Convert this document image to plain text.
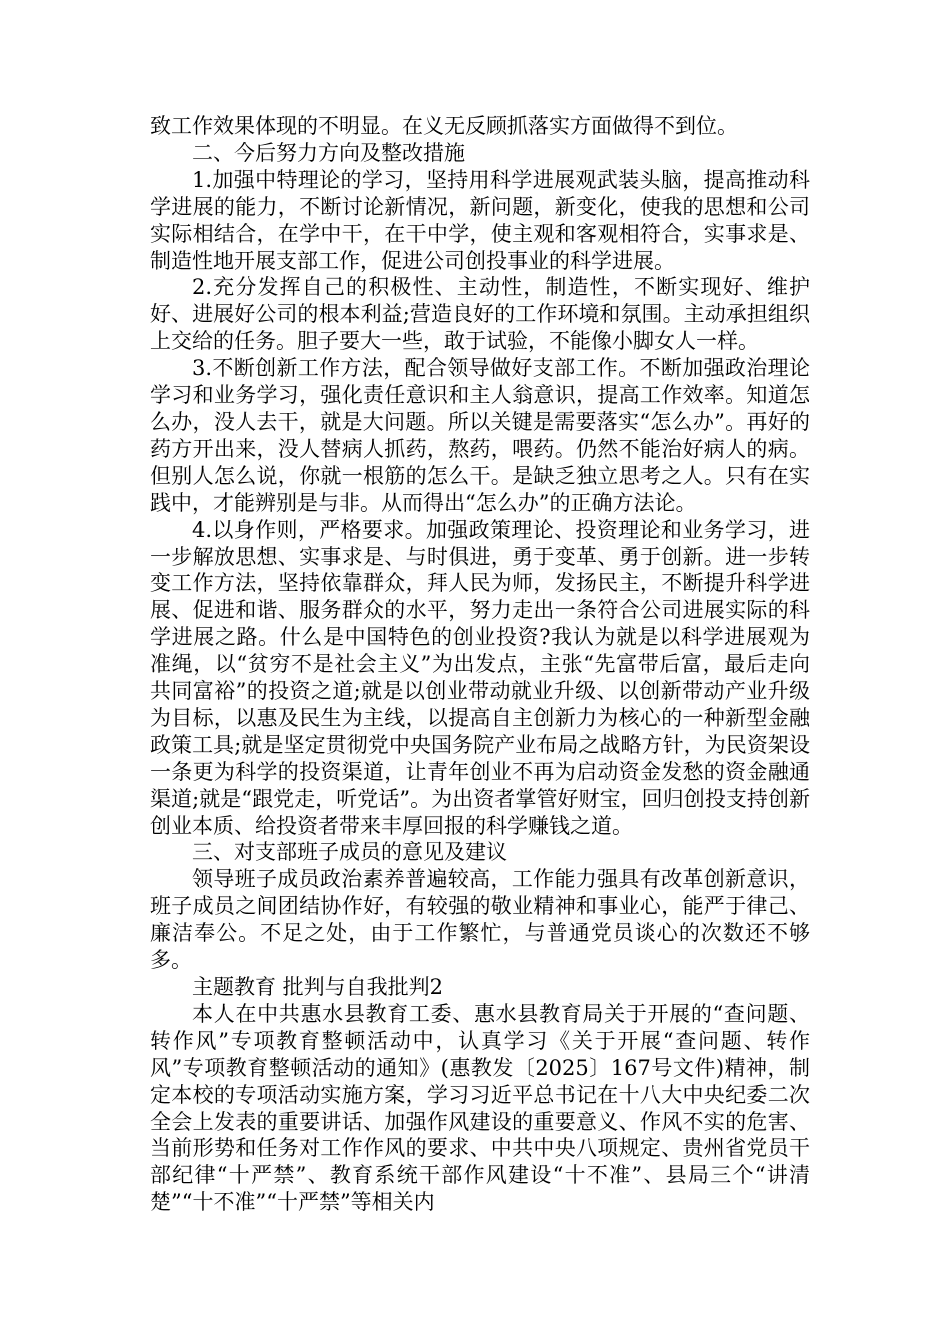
致工作效果体现的不明显。在义无反顾抓落实方面做得不到位。

二、今后努力方向及整改措施

1.加强中特理论的学习，坚持用科学进展观武装头脑，提高推动科学进展的能力，不断讨论新情况，新问题，新变化，使我的思想和公司实际相结合，在学中干，在干中学，使主观和客观相符合，实事求是、制造性地开展支部工作，促进公司创投事业的科学进展。

2.充分发挥自己的积极性、主动性，制造性，不断实现好、维护好、进展好公司的根本利益;营造良好的工作环境和氛围。主动承担组织上交给的任务。胆子要大一些，敢于试验，不能像小脚女人一样。

3.不断创新工作方法，配合领导做好支部工作。不断加强政治理论学习和业务学习，强化责任意识和主人翁意识，提高工作效率。知道怎么办，没人去干，就是大问题。所以关键是需要落实“怎么办”。再好的药方开出来，没人替病人抓药，熬药，喂药。仍然不能治好病人的病。但别人怎么说，你就一根筋的怎么干。是缺乏独立思考之人。只有在实践中，才能辨别是与非。从而得出“怎么办”的正确方法论。

4.以身作则，严格要求。加强政策理论、投资理论和业务学习，进一步解放思想、实事求是、与时俱进，勇于变革、勇于创新。进一步转变工作方法，坚持依靠群众，拜人民为师，发扬民主，不断提升科学进展、促进和谐、服务群众的水平，努力走出一条符合公司进展实际的科学进展之路。什么是中国特色的创业投资?我认为就是以科学进展观为准绳，以“贫穷不是社会主义”为出发点，主张“先富带后富，最后走向共同富裕”的投资之道;就是以创业带动就业升级、以创新带动产业升级为目标，以惠及民生为主线，以提高自主创新力为核心的一种新型金融政策工具;就是坚定贯彻党中央国务院产业布局之战略方针，为民资架设一条更为科学的投资渠道，让青年创业不再为启动资金发愁的资金融通渠道;就是“跟党走，听党话”。为出资者掌管好财宝，回归创投支持创新创业本质、给投资者带来丰厚回报的科学赚钱之道。

三、对支部班子成员的意见及建议

领导班子成员政治素养普遍较高，工作能力强具有改革创新意识，班子成员之间团结协作好，有较强的敬业精神和事业心，能严于律己、廉洁奉公。不足之处，由于工作繁忙，与普通党员谈心的次数还不够多。

主题教育 批判与自我批判2

本人在中共惠水县教育工委、惠水县教育局关于开展的“查问题、转作风”专项教育整顿活动中，认真学习《关于开展“查问题、转作风”专项教育整顿活动的通知》(惠教发〔2025〕167号文件)精神，制定本校的专项活动实施方案，学习习近平总书记在十八大中央纪委二次全会上发表的重要讲话、加强作风建设的重要意义、作风不实的危害、当前形势和任务对工作作风的要求、中共中央八项规定、贵州省党员干部纪律“十严禁”、教育系统干部作风建设“十不准”、县局三个“讲清楚”“十不准”“十严禁”等相关内
